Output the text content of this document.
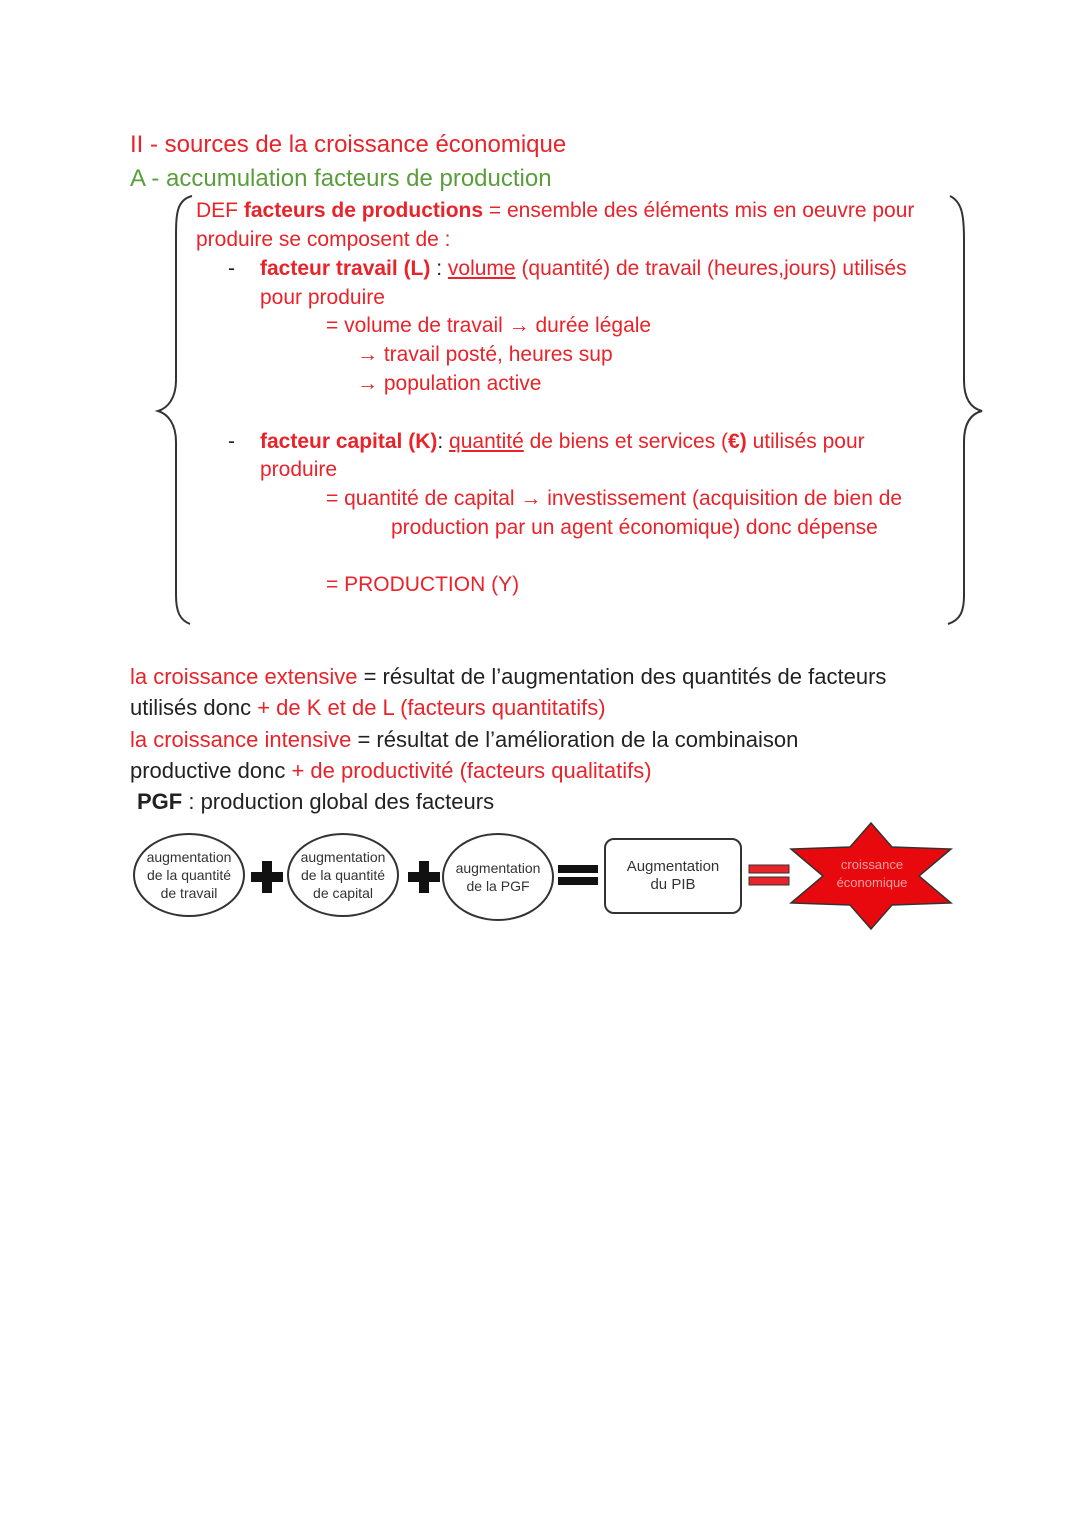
II - sources de la croissance économique
A - accumulation facteurs de production
DEF facteurs de productions = ensemble des éléments mis en oeuvre pour
produire se composent de :
- facteur travail (L) : volume (quantité) de travail (heures,jours) utilisés
pour produire
= volume de travail → durée légale
→ travail posté, heures sup
→ population active
- facteur capital (K): quantité de biens et services (€) utilisés pour
produire
= quantité de capital → investissement (acquisition de bien de
production par un agent économique) donc dépense
= PRODUCTION (Y)
la croissance extensive = résultat de l’augmentation des quantités de facteurs
utilisés donc + de K et de L (facteurs quantitatifs)
la croissance intensive = résultat de l’amélioration de la combinaison
productive donc + de productivité (facteurs qualitatifs)
PGF : production global des facteurs
augmentation
de la quantité
de travail
augmentation
de la quantité
de capital
augmentation
de la PGF
Augmentation
du PIB
croissance
économique
